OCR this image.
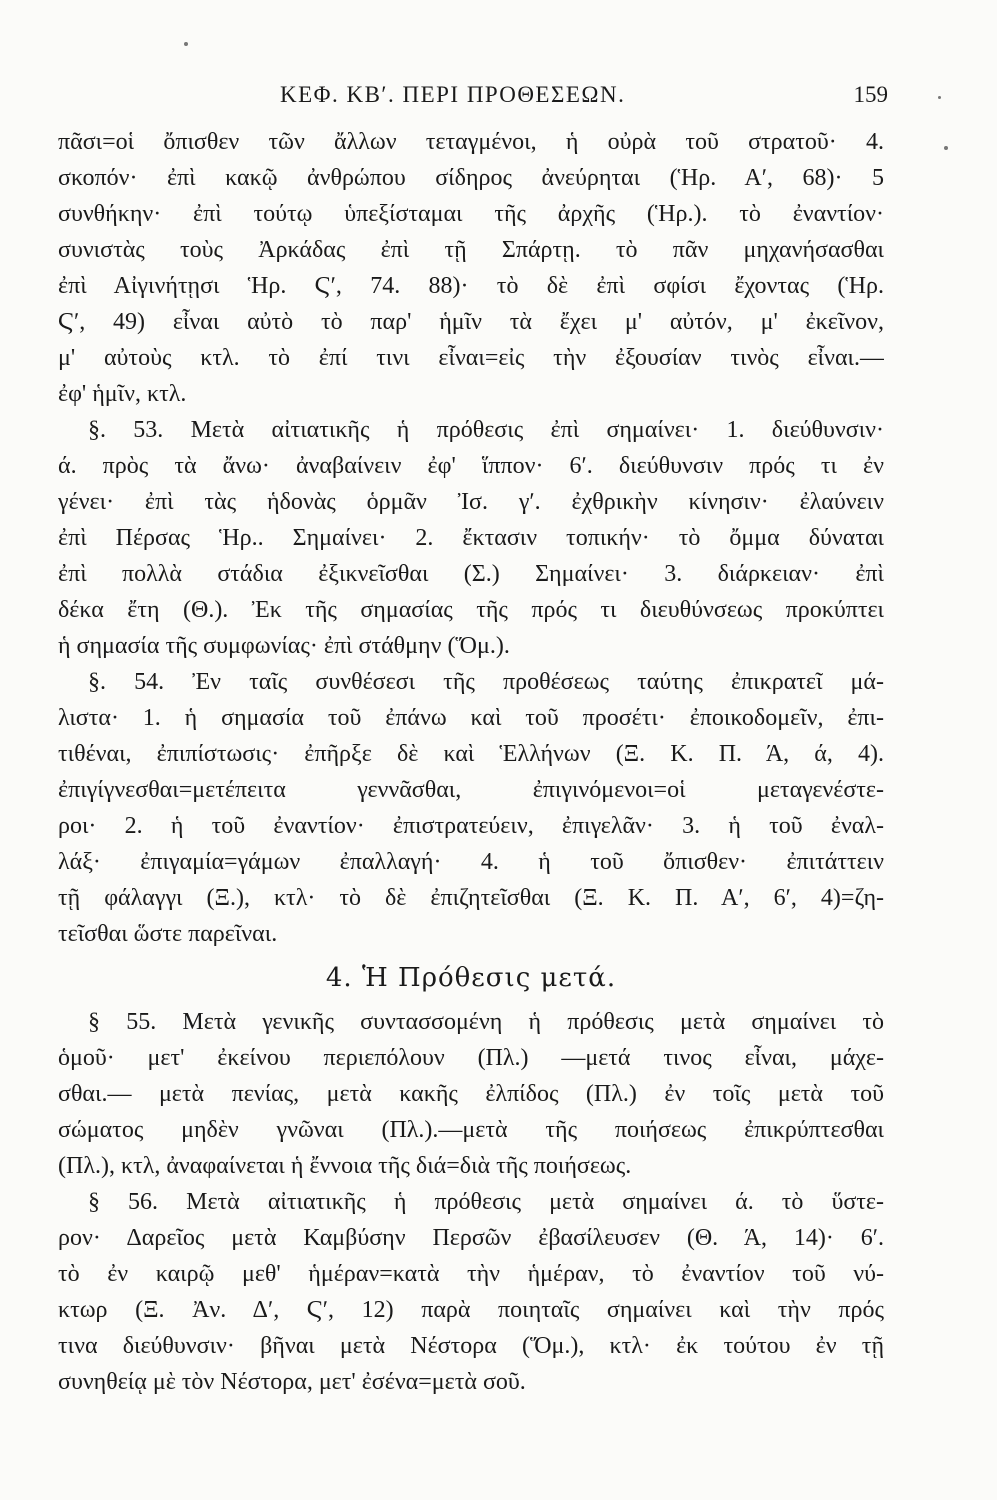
ΚΕΦ. ΚΒʹ. ΠΕΡΙ ΠΡΟΘΕΣΕΩΝ.	159
πᾶσι=οἱ ὄπισθεν τῶν ἄλλων τεταγμένοι, ἡ οὐρὰ τοῦ στρατοῦ· 4.
σκοπόν· ἐπὶ κακῷ ἀνθρώπου σίδηρος ἀνεύρηται (Ἡρ. Αʹ, 68)· 5
συνθήκην· ἐπὶ τούτῳ ὑπεξίσταμαι τῆς ἀρχῆς (Ἡρ.). τὸ ἐναντίον·
συνιστὰς τοὺς Ἀρκάδας ἐπὶ τῇ Σπάρτῃ. τὸ πᾶν μηχανήσασθαι
ἐπὶ Αἰγινήτῃσι Ἡρ. Ϛʹ, 74. 88)· τὸ δὲ ἐπὶ σφίσι ἔχοντας (Ἡρ.
Ϛʹ, 49) εἶναι αὐτὸ τὸ παρ' ἡμῖν τὰ ἔχει μ' αὐτόν, μ' ἐκεῖνον,
μ' αὐτοὺς κτλ. τὸ ἐπί τινι εἶναι=εἰς τὴν ἐξουσίαν τινὸς εἶναι.—
ἐφ' ἡμῖν, κτλ.
§. 53. Μετὰ αἰτιατικῆς ἡ πρόθεσις ἐπὶ σημαίνει· 1. διεύθυνσιν·
ά. πρὸς τὰ ἄνω· ἀναβαίνειν ἐφ' ἵππον· 6ʹ. διεύθυνσιν πρός τι ἐν
γένει· ἐπὶ τὰς ἡδονὰς ὁρμᾶν Ἰσ. γʹ. ἐχθρικὴν κίνησιν· ἐλαύνειν
ἐπὶ Πέρσας Ἡρ.. Σημαίνει· 2. ἔκτασιν τοπικήν· τὸ ὄμμα δύναται
ἐπὶ πολλὰ στάδια ἐξικνεῖσθαι (Σ.) Σημαίνει· 3. διάρκειαν· ἐπὶ
δέκα ἔτη (Θ.). Ἐκ τῆς σημασίας τῆς πρός τι διευθύνσεως προκύπτει
ἡ σημασία τῆς συμφωνίας· ἐπὶ στάθμην (Ὅμ.).
§. 54. Ἐν ταῖς συνθέσεσι τῆς προθέσεως ταύτης ἐπικρατεῖ μά-
λιστα· 1. ἡ σημασία τοῦ ἐπάνω καὶ τοῦ προσέτι· ἐποικοδομεῖν, ἐπι-
τιθέναι, ἐπιπίστωσις· ἐπῆρξε δὲ καὶ Ἑλλήνων (Ξ. Κ. Π. Ά, ά, 4).
ἐπιγίγνεσθαι=μετέπειτα γεννᾶσθαι, ἐπιγινόμενοι=οἱ μεταγενέστε-
ροι· 2. ἡ τοῦ ἐναντίον· ἐπιστρατεύειν, ἐπιγελᾶν· 3. ἡ τοῦ ἐναλ-
λάξ· ἐπιγαμία=γάμων ἐπαλλαγή· 4. ἡ τοῦ ὄπισθεν· ἐπιτάττειν
τῇ φάλαγγι (Ξ.), κτλ· τὸ δὲ ἐπιζητεῖσθαι (Ξ. Κ. Π. Αʹ, 6ʹ, 4)=ζη-
τεῖσθαι ὥστε παρεῖναι.
4. Ἡ Πρόθεσις μετά.
§ 55. Μετὰ γενικῆς συντασσομένη ἡ πρόθεσις μετὰ σημαίνει τὸ
ὁμοῦ· μετ' ἐκείνου περιεπόλουν (Πλ.) —μετά τινος εἶναι, μάχε-
σθαι.— μετὰ πενίας, μετὰ κακῆς ἐλπίδος (Πλ.) ἐν τοῖς μετὰ τοῦ
σώματος μηδὲν γνῶναι (Πλ.).—μετὰ τῆς ποιήσεως ἐπικρύπτεσθαι
(Πλ.), κτλ, ἀναφαίνεται ἡ ἔννοια τῆς διά=διὰ τῆς ποιήσεως.
§ 56. Μετὰ αἰτιατικῆς ἡ πρόθεσις μετὰ σημαίνει ά. τὸ ὕστε-
ρον· Δαρεῖος μετὰ Καμβύσην Περσῶν ἐβασίλευσεν (Θ. Ά, 14)· 6ʹ.
τὸ ἐν καιρῷ μεθ' ἡμέραν=κατὰ τὴν ἡμέραν, τὸ ἐναντίον τοῦ νύ-
κτωρ (Ξ. Ἀν. Δʹ, Ϛʹ, 12) παρὰ ποιηταῖς σημαίνει καὶ τὴν πρός
τινα διεύθυνσιν· βῆναι μετὰ Νέστορα (Ὅμ.), κτλ· ἐκ τούτου ἐν τῇ
συνηθείᾳ μὲ τὸν Νέστορα, μετ' ἐσένα=μετὰ σοῦ.
